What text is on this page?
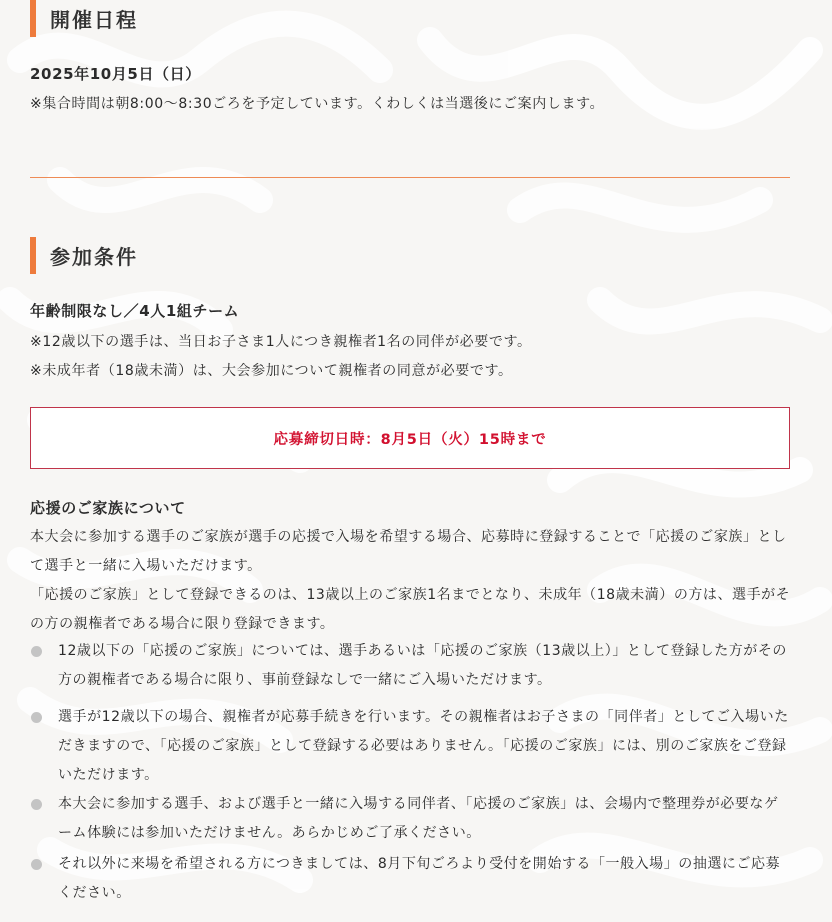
開催日程
2025年10月5日（日）
※集合時間は朝8:00〜8:30ごろを予定しています。くわしくは当選後にご案内します。
参加条件
年齢制限なし／4人1組チーム
※12歳以下の選手は、当日お子さま1人につき親権者1名の同伴が必要です。
※未成年者（18歳未満）は、大会参加について親権者の同意が必要です。
応募締切日時：8月5日（火）15時まで
応援のご家族について
本大会に参加する選手のご家族が選手の応援で入場を希望する場合、応募時に登録することで「応援のご家族」として選手と一緒に入場いただけます。
「応援のご家族」として登録できるのは、13歳以上のご家族1名までとなり、未成年（18歳未満）の方は、選手がその方の親権者である場合に限り登録できます。
12歳以下の「応援のご家族」については、選手あるいは「応援のご家族（13歳以上）」として登録した方がその方の親権者である場合に限り、事前登録なしで一緒にご入場いただけます。
選手が12歳以下の場合、親権者が応募手続きを行います。その親権者はお子さまの「同伴者」としてご入場いただきますので、「応援のご家族」として登録する必要はありません。「応援のご家族」には、別のご家族をご登録いただけます。
本大会に参加する選手、および選手と一緒に入場する同伴者、「応援のご家族」は、会場内で整理券が必要なゲーム体験には参加いただけません。あらかじめご了承ください。
それ以外に来場を希望される方につきましては、8月下旬ごろより受付を開始する「一般入場」の抽選にご応募ください。
